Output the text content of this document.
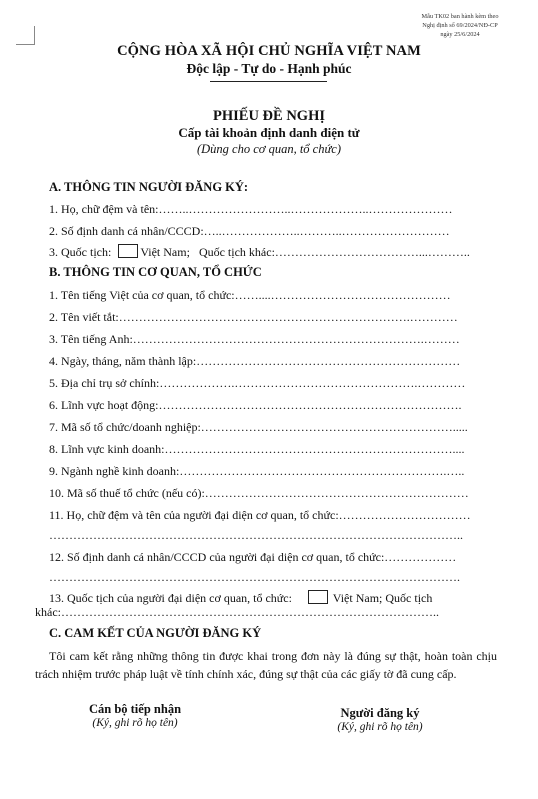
Mẫu TK02 ban hành kèm theo
Nghị định số 69/2024/NĐ-CP
ngày 25/6/2024
CỘNG HÒA XÃ HỘI CHỦ NGHĨA VIỆT NAM
Độc lập - Tự do - Hạnh phúc
PHIẾU ĐỀ NGHỊ
Cấp tài khoản định danh điện tử
(Dùng cho cơ quan, tổ chức)
A. THÔNG TIN NGƯỜI ĐĂNG KÝ:
1. Họ, chữ đệm và tên:……..……………………..………………..…………………
2. Số định danh cá nhân/CCCD:…..………………..………..………………………
3. Quốc tịch: Việt Nam; Quốc tịch khác:………………………………...………..
B. THÔNG TIN CƠ QUAN, TỔ CHỨC
1. Tên tiếng Việt của cơ quan, tổ chức:……....………………………………………
2. Tên viết tắt:……………………………………………………………….…………
3. Tên tiếng Anh:……………………………………………………………….………
4. Ngày, tháng, năm thành lập:…………………………………………………………
5. Địa chỉ trụ sở chính:……………….……………………………………….…………
6. Lĩnh vực hoạt động:………………………………………………………………….
7. Mã số tổ chức/doanh nghiệp:……………………………………………………….....
8. Lĩnh vực kinh doanh:………………………………………………………………....
9. Ngành nghề kinh doanh:………………………………………………………….…..
10. Mã số thuế tổ chức (nếu có):…………………………………………………………
11. Họ, chữ đệm và tên của người đại diện cơ quan, tổ chức:……………………………
…………………………………………………………………………………………..
12. Số định danh cá nhân/CCCD của người đại diện cơ quan, tổ chức:………………
………………………………………………………………………………………….
13. Quốc tịch của người đại diện cơ quan, tổ chức:	Việt Nam; Quốc tịch
khác:…………………………………………………………………………………..
C. CAM KẾT CỦA NGƯỜI ĐĂNG KÝ
Tôi cam kết rằng những thông tin được khai trong đơn này là đúng sự thật, hoàn toàn chịu trách nhiệm trước pháp luật về tính chính xác, đúng sự thật của các giấy tờ đã cung cấp.
Cán bộ tiếp nhận
(Ký, ghi rõ họ tên)
Người đăng ký
(Ký, ghi rõ họ tên)
